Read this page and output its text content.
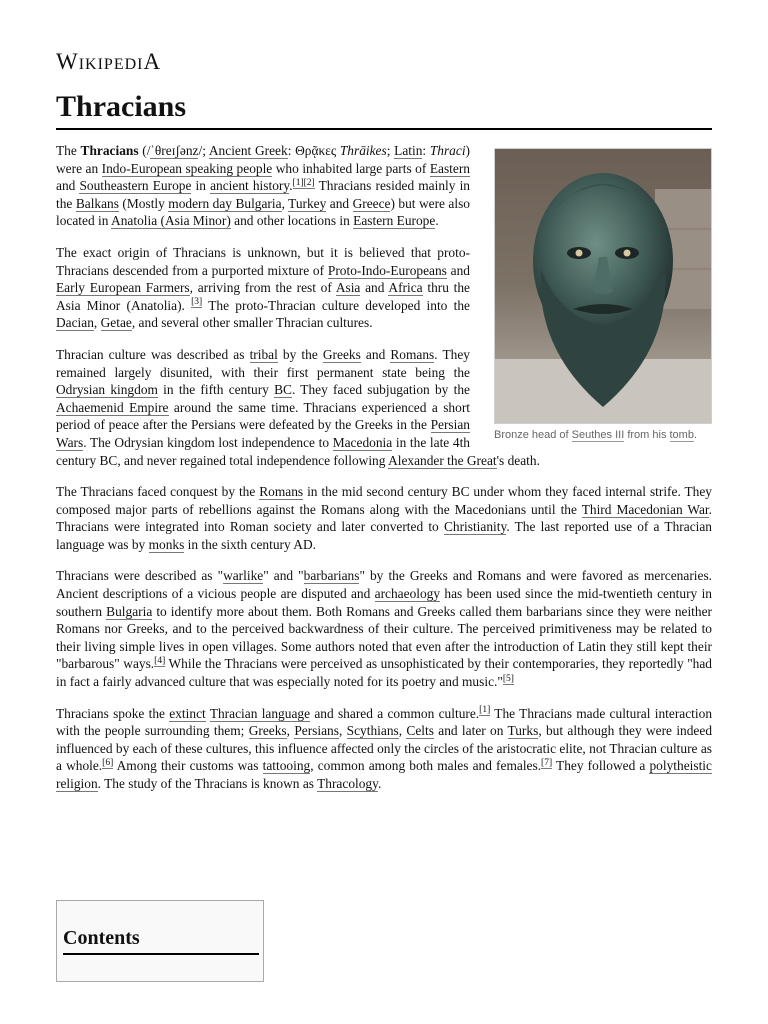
WikipediA
Thracians
Bronze head of Seuthes III from his tomb.

The Thracians (/ˈθreɪʃənz/; Ancient Greek: Θρᾷκες Thrāikes; Latin: Thraci) were an Indo-European speaking people who inhabited large parts of Eastern and Southeastern Europe in ancient history.[1][2] Thracians resided mainly in the Balkans (Mostly modern day Bulgaria, Turkey and Greece) but were also located in Anatolia (Asia Minor) and other locations in Eastern Europe.

The exact origin of Thracians is unknown, but it is believed that proto-Thracians descended from a purported mixture of Proto-Indo-Europeans and Early European Farmers, arriving from the rest of Asia and Africa thru the Asia Minor (Anatolia). [3] The proto-Thracian culture developed into the Dacian, Getae, and several other smaller Thracian cultures.

Thracian culture was described as tribal by the Greeks and Romans. They remained largely disunited, with their first permanent state being the Odrysian kingdom in the fifth century BC. They faced subjugation by the Achaemenid Empire around the same time. Thracians experienced a short period of peace after the Persians were defeated by the Greeks in the Persian Wars. The Odrysian kingdom lost independence to Macedonia in the late 4th century BC, and never regained total independence following Alexander the Great's death.

The Thracians faced conquest by the Romans in the mid second century BC under whom they faced internal strife. They composed major parts of rebellions against the Romans along with the Macedonians until the Third Macedonian War. Thracians were integrated into Roman society and later converted to Christianity. The last reported use of a Thracian language was by monks in the sixth century AD.

Thracians were described as "warlike" and "barbarians" by the Greeks and Romans and were favored as mercenaries. Ancient descriptions of a vicious people are disputed and archaeology has been used since the mid-twentieth century in southern Bulgaria to identify more about them. Both Romans and Greeks called them barbarians since they were neither Romans nor Greeks, and to the perceived backwardness of their culture. The perceived primitiveness may be related to their living simple lives in open villages. Some authors noted that even after the introduction of Latin they still kept their "barbarous" ways.[4] While the Thracians were perceived as unsophisticated by their contemporaries, they reportedly "had in fact a fairly advanced culture that was especially noted for its poetry and music."[5]

Thracians spoke the extinct Thracian language and shared a common culture.[1] The Thracians made cultural interaction with the people surrounding them; Greeks, Persians, Scythians, Celts and later on Turks, but although they were indeed influenced by each of these cultures, this influence affected only the circles of the aristocratic elite, not Thracian culture as a whole.[6] Among their customs was tattooing, common among both males and females.[7] They followed a polytheistic religion. The study of the Thracians is known as Thracology.

Contents
